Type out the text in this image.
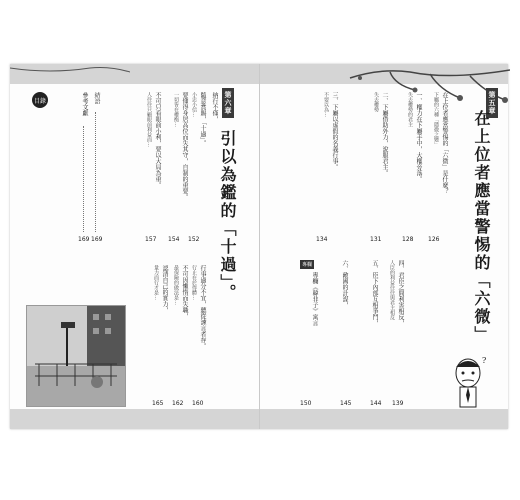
目錄	結語
169
參考文獻
169
不可只看眼前小利，要以大局為重。
人往往只顧眼前利益而…
157
要懂得身居高位而失其守，自制的重要。
一切皆在權衡…
154
隨意賞賜，「十過」。
小忠小信…
152
納行不僅， 第六章
引以為鑑的「十過」。
行事過分不宜，聽從諫言者存。
行止在於得體…
160
不可因懶惰而失職，
最保險的做法是…
162
認清自己的實力，
量力而行才是…
165
第五章
在上位者應當警惕的「六微」
在上位者應當警惕的「六微」是什麼？
下屬的六種「隱微之變」
126
一、權力在下屬手中，大權旁落。
失去權勢的君主
128
二、下屬借助外力，說服君主。
失去權勢
131
三、下屬以虛假的名義行事。
不要以為…
134
四、君臣之間利害相反，
人臣的利益往往與君主相反
139
五、臣下內部互相爭鬥，
144
六、敵國的計謀，
145
專欄
專欄《韓非子》寓言
150
?
